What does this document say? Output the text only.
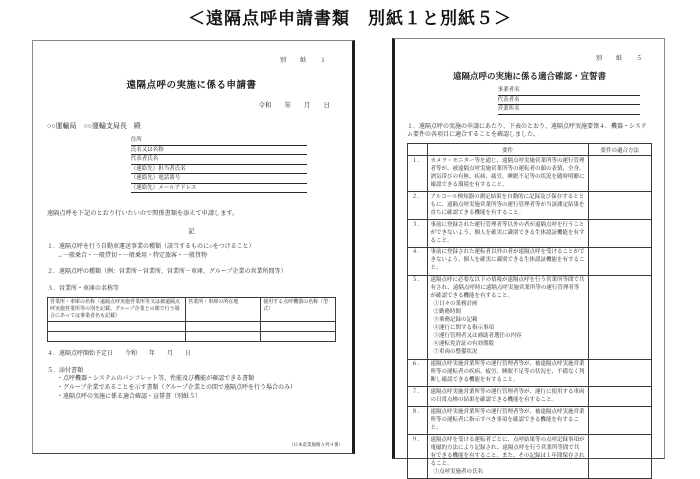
＜遠隔点呼申請書類　別紙１と別紙５＞
別　紙　１
遠隔点呼の実施に係る申請書
令和　　年　　月　　日
○○運輸局　○○運輸支局長　殿
住所
氏名又は名称
代表者氏名
（連絡先）担当者氏名
（連絡先）電話番号
（連絡先）メールアドレス
遠隔点呼を下記のとおり行いたいので関係書類を添えて申請します。
記
１．遠隔点呼を行う自動車運送事業の種類（該当するものに○をつけること）
→一般乗合・一般貸切・一般乗用・特定旅客・一般貨物
２．遠隔点呼の種類（例：営業所－営業所、営業所－車庫、グループ企業の営業所間等）
３．営業所・車庫の名称等
営業所・車庫の名称（遠隔点呼実施営業所等又は被遠隔点呼実施営業所等の別を記載。グループ企業との間で行う場合にあっては事業者名も記載）	営業所・車庫の所在地	使用する点呼機器の名称（型式）

４．遠隔点呼開始予定日　　令和　　年　　月　　日
５．添付書類
・点呼機器・システムのパンフレット等、性能及び機能が確認できる書類
・グループ企業であることを示す書類（グループ企業との間で遠隔点呼を行う場合のみ）
・遠隔点呼の実施に係る適合確認・宣誓書（別紙５）
（日本産業規格Ａ列４番）
別　紙　５
遠隔点呼の実施に係る適合確認・宣誓書
事業者名
代表者名
営業所名
１．遠隔点呼の実施の申請にあたり、下表のとおり、遠隔点呼実施要領４．機器・システム要件の各項目に適合することを確認しました。
	要件	要件の適合方法
１．	カメラ・モニター等を通じ、遠隔点呼実施営業所等の運行管理者等が、被遠隔点呼実施営業所等の運転者の顔の表情、全身、酒気帯びの有無、疾病、疲労、睡眠不足等の状況を随時明瞭に確認できる環境を有すること。	
２．	アルコール検知器の測定結果を自動的に記録及び保存するとともに、遠隔点呼実施営業所等の運行管理者等が当該測定結果を直ちに確認できる機能を有すること。	
３．	事前に登録された運行管理者等以外の者が遠隔点呼を行うことができないよう、個人を確実に識別できる生体認証機能を有すること。	
４．	事前に登録された運転者以外の者が遠隔点呼を受けることができないよう、個人を確実に識別できる生体認証機能を有すること。	
５．	遠隔点呼に必要な以下の情報が遠隔点呼を行う営業所等間で共有され、遠隔点呼時に遠隔点呼実施営業所等の運行管理者等が確認できる機能を有すること。
①日々の業務計画
②勤務時間
③乗務記録の記載
④運行に関する指示事項
⑤運行管理者又は補助者選任の内容
⑥運転免許証の有効期限
⑦車両の整備状況

６．	遠隔点呼実施営業所等の運行管理者等が、被遠隔点呼実施営業所等の運転者の疾病、疲労、睡眠不足等の状況を、不備なく判断し確認できる機能を有すること。	
７．	遠隔点呼実施営業所等の運行管理者等が、運行に使用する車両の日常点検の結果を確認できる機能を有すること。	
８．	遠隔点呼実施営業所等の運行管理者等が、被遠隔点呼実施営業所等の運転者に指示すべき事項を確認できる機能を有すること。	
９．	遠隔点呼を受ける運転者ごとに、点呼結果等の点呼記録事項が電磁的方法により記録され、遠隔点呼を行う営業所等間で共有できる機能を有すること。また、その記録は１年間保存されること。
①点呼実施者の氏名	
